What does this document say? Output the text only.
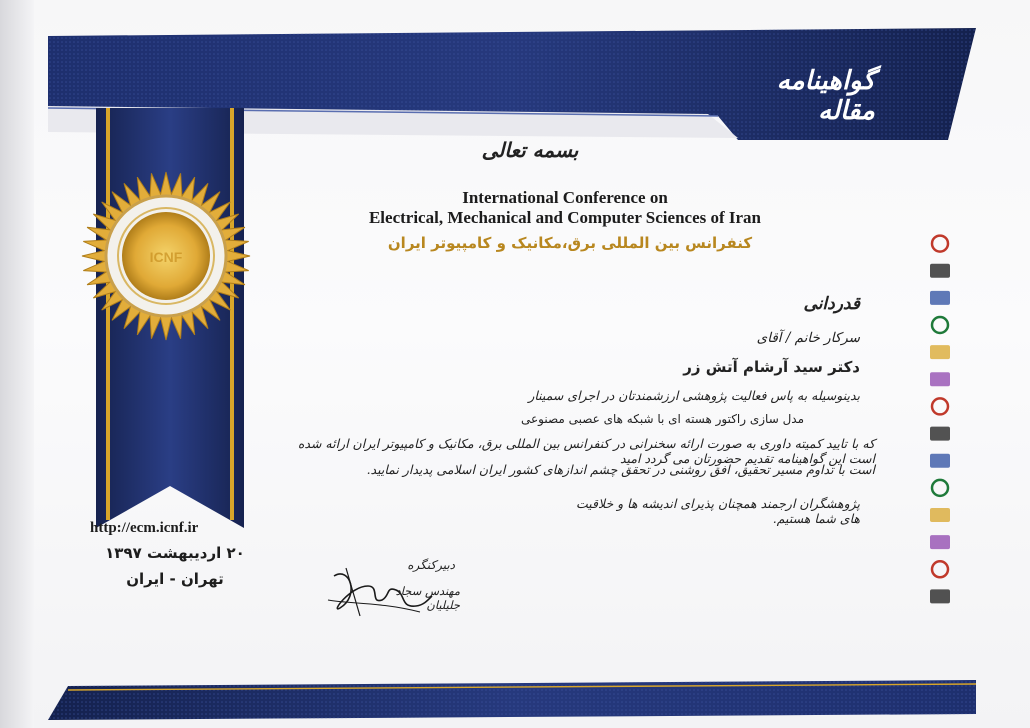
گواهینامه مقاله
ICNF
بسمه تعالی
International Conference on
Electrical, Mechanical and Computer Sciences of Iran
کنفرانس بین المللی برق،مکانیک و کامپیوتر ایران
قدردانی
سرکار خانم / آقای
دکتر سید آرشام آتش زر
بدینوسیله به پاس فعالیت پژوهشی ارزشمندتان در اجرای سمینار
مدل سازی راکتور هسته ای با شبکه های عصبی مصنوعی
که با تایید کمیته داوری به صورت ارائه سخنرانی در کنفرانس بین المللی برق، مکانیک و کامپیوتر ایران ارائه شده است این گواهینامه تقدیم حضورتان می گردد امید
است با تداوم مسیر تحقیق، افق روشنی در تحقق چشم اندازهای کشور ایران اسلامی پدیدار نمایید.
پژوهشگران ارجمند همچنان پذیرای اندیشه ها و خلاقیت های شما هستیم.
http://ecm.icnf.ir
۲۰ اردیبهشت ۱۳۹۷
تهران - ایران
دبیرکنگره
مهندس سجاد جلیلیان
